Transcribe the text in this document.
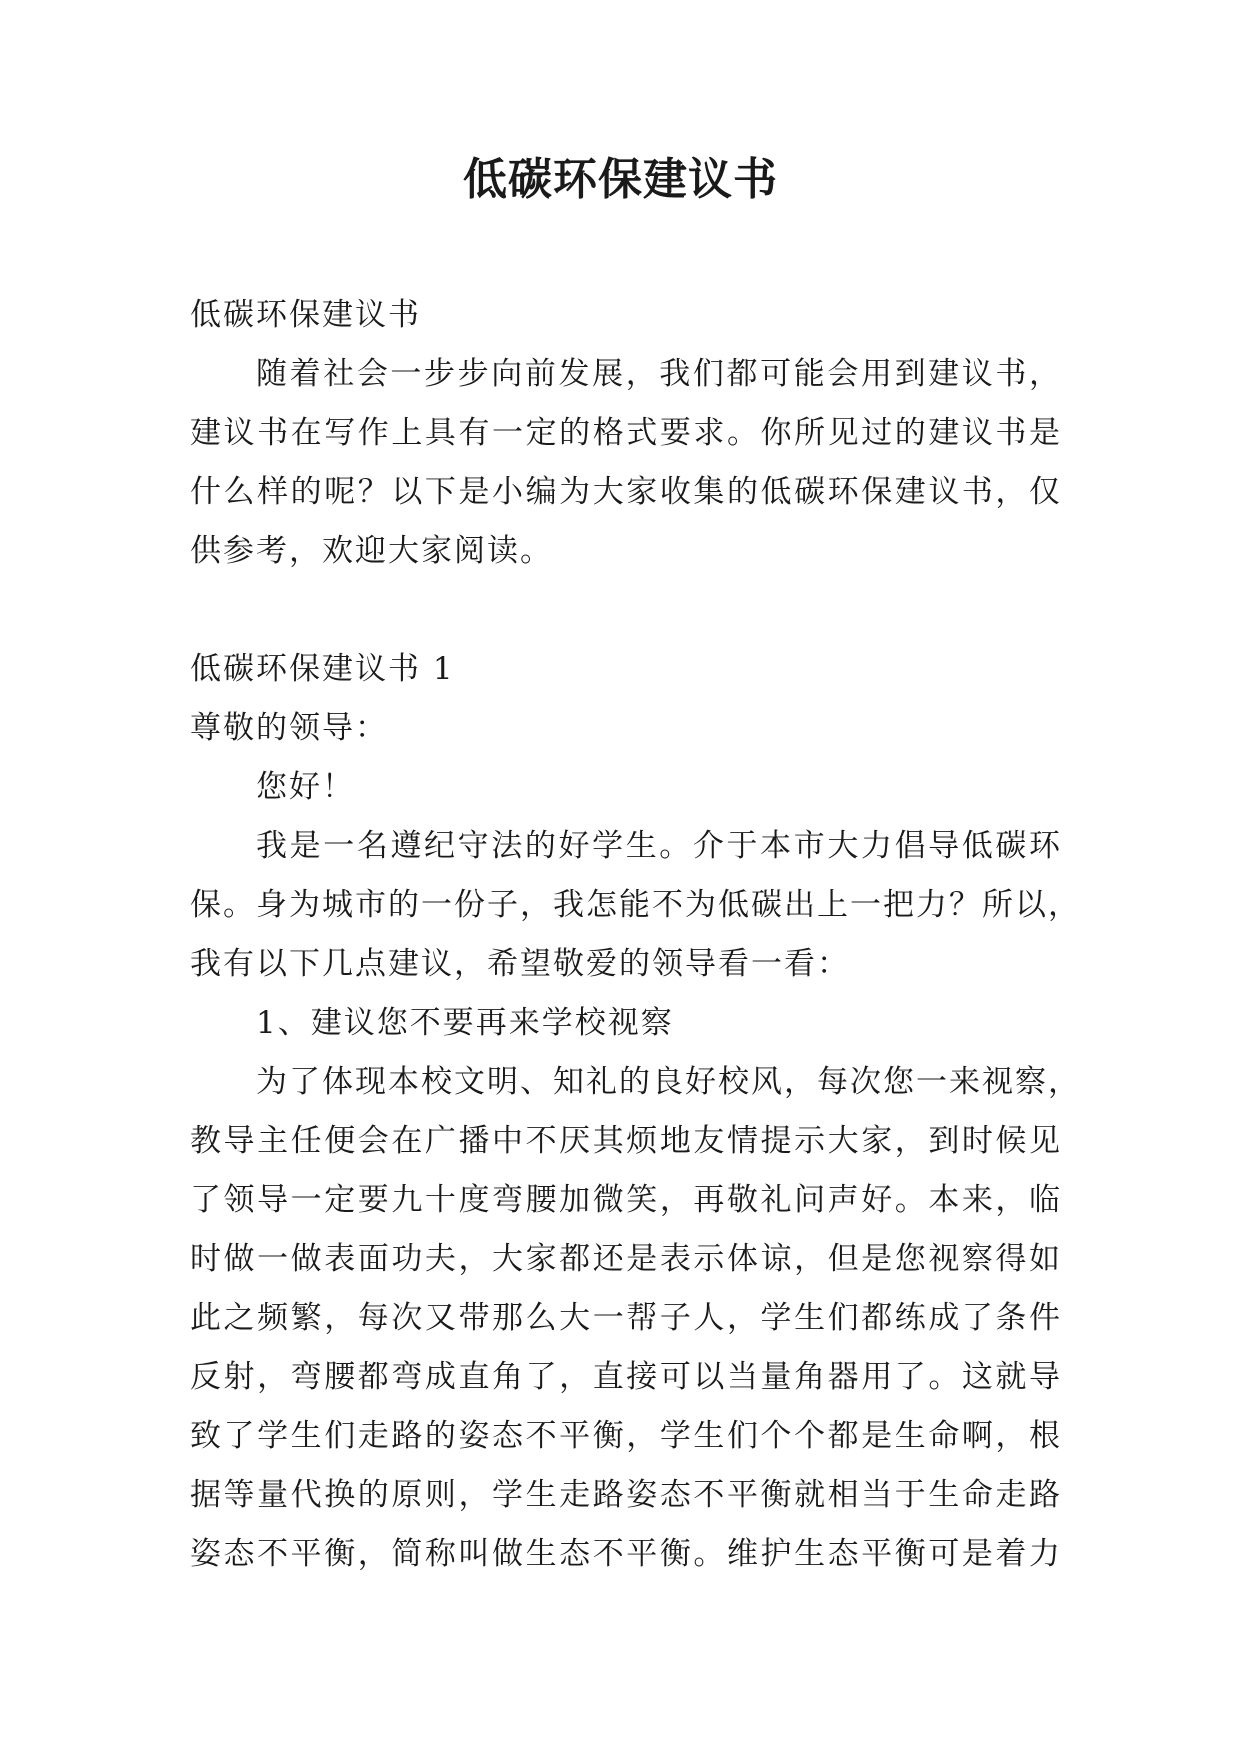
低碳环保建议书
低碳环保建议书
随着社会一步步向前发展，我们都可能会用到建议书，
建议书在写作上具有一定的格式要求。你所见过的建议书是
什么样的呢？以下是小编为大家收集的低碳环保建议书，仅
供参考，欢迎大家阅读。
低碳环保建议书 1
尊敬的领导：
您好！
我是一名遵纪守法的好学生。介于本市大力倡导低碳环
保。身为城市的一份子，我怎能不为低碳出上一把力？所以，
我有以下几点建议，希望敬爱的领导看一看：
1、建议您不要再来学校视察
为了体现本校文明、知礼的良好校风，每次您一来视察，
教导主任便会在广播中不厌其烦地友情提示大家，到时候见
了领导一定要九十度弯腰加微笑，再敬礼问声好。本来，临
时做一做表面功夫，大家都还是表示体谅，但是您视察得如
此之频繁，每次又带那么大一帮子人，学生们都练成了条件
反射，弯腰都弯成直角了，直接可以当量角器用了。这就导
致了学生们走路的姿态不平衡，学生们个个都是生命啊，根
据等量代换的原则，学生走路姿态不平衡就相当于生命走路
姿态不平衡，简称叫做生态不平衡。维护生态平衡可是着力
